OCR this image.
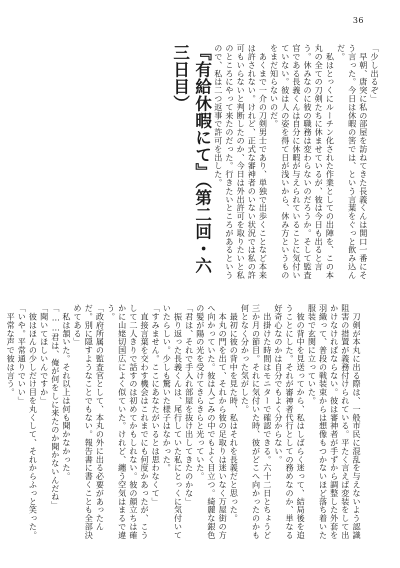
36

「少し出るぞ」

　早朝、唐突に私の部屋を訪ねてきた長義くんは開口一番にそう言った。今日は休暇の筈では、という言葉をぐっと飲み込んだ。

　私はとっくにルーチン化された作業としての出陣を、この本丸の全ての刀剣たちに休ませているが、彼は今日も出ると言う。休みなのに彼の職務は変わらないのだろうか。そして監査官である長義くんは自分に休暇が与えられていることに気付いていない。彼は人の姿を得て日が浅いから、休み方というものをまだ知らないのだ。

　あくまで一介の刀剣男士であり、単独で出歩くことなど本来は許されない。けれど、正式な審神者のいない状況では私の許可もいらないと判断したのか、今日は外出許可を取りたいと私のところにやって来たのだった。行きたいところがあるというので、私は二つ返事で許可を出した。

『有給休暇にて』（第二回・六三日目）

　刀剣が本丸に出る際は、一般市民に混乱を与えないよう認識阻害の措置が義務付けられている。平たく言えば変装をして出かけなければならない。彼は審神者が手ずから調整した外套を羽織って、普段の戦装束からは想像もつかないほど落ち着いた服装で玄関に立っていた。

　彼の背中を見送ってから、私はしばらく迷って、結局後を追うことにした。それが審神者代行としての務めなのか、単なる好奇心なのかは自分でもよく分からない。

　出掛けた時間はモニターで確認できる。六十二日とちょうど三か月の節目。それに気付いた時、彼がどこへ向かったのかも何となく分かった気がした。

　最初に彼の背中を見た時、私はそれを長義だと思った。

　本丸の門を出て、それから彼の足取りは迷いなく万屋街の方へ向かっていた。彼は人ごみの中でもよく目立つ。綺麗な銀色の髪が陽の光を受けてきらきらと光っていた。

「君は、それで手入れ部屋を抜け出してきたのかな」

　振り返った長義くんは、尾行していた私にとっくに気付いていたらしい。少しも驚いた様子はなかった。

「すみません。ここにあなたがいるとは思わなくて」

　直接言葉を交わす機会はこれまでにも何度かあったが、こうして二人きりで話すのは初めてかもしれない。彼の顔立ちは確かに山姥切国広によく似ていた。けれど、纏う空気はまるで違う。

「政府所属の監査官として、本丸の外に出る必要があったんだ。別に隠すようなことでもない。報告書に書くことも全部決めてある」

　私は頷いた。それ以上は何も聞かなかった。

「……君は、俺が何をしに来たのか聞かないんだね」

「聞いてほしいんですか」

　彼はほんの少しだけ目を丸くして、それからふっと笑った。

「いや。平常通りでいい」

　平常な声で彼は言う。
